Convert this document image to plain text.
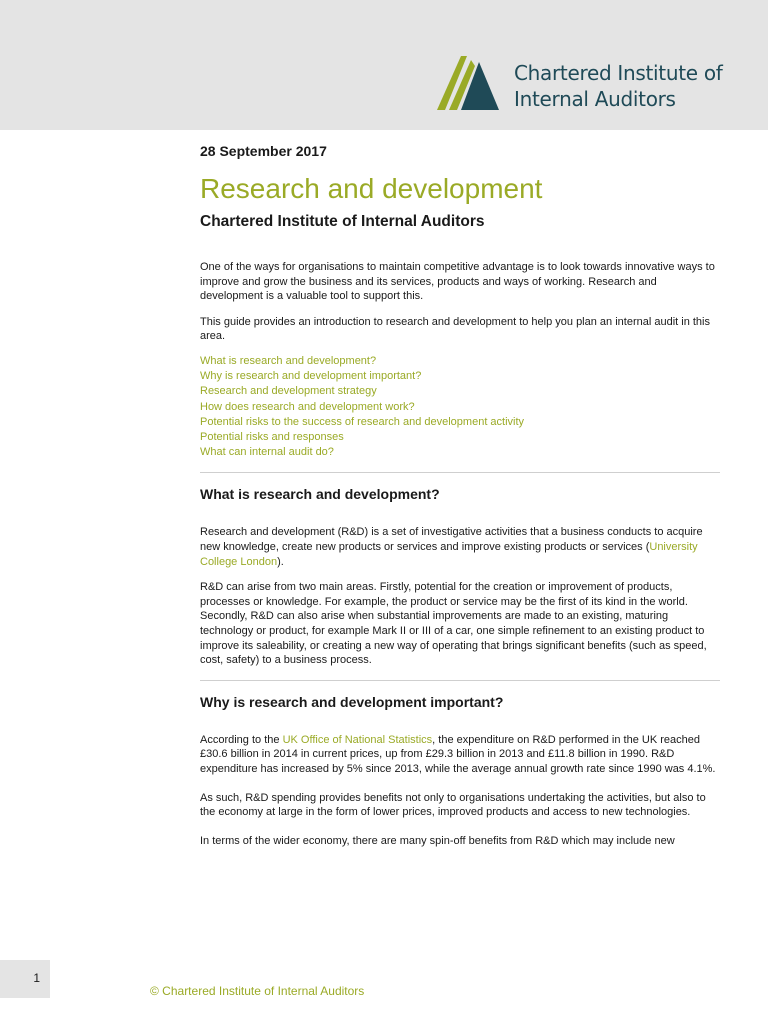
Chartered Institute of
Internal Auditors
28 September 2017
Research and development
Chartered Institute of Internal Auditors

One of the ways for organisations to maintain competitive advantage is to look towards innovative ways to improve and grow the business and its services, products and ways of working. Research and development is a valuable tool to support this.

This guide provides an introduction to research and development to help you plan an internal audit in this area.

What is research and development?
Why is research and development important?
Research and development strategy
How does research and development work?
Potential risks to the success of research and development activity
Potential risks and responses
What can internal audit do?
What is research and development?

Research and development (R&D) is a set of investigative activities that a business conducts to acquire new knowledge, create new products or services and improve existing products or services (University College London).

R&D can arise from two main areas. Firstly, potential for the creation or improvement of products, processes or knowledge. For example, the product or service may be the first of its kind in the world. Secondly, R&D can also arise when substantial improvements are made to an existing, maturing technology or product, for example Mark II or III of a car, one simple refinement to an existing product to improve its saleability, or creating a new way of operating that brings significant benefits (such as speed, cost, safety) to a business process.

Why is research and development important?

According to the UK Office of National Statistics, the expenditure on R&D performed in the UK reached £30.6 billion in 2014 in current prices, up from £29.3 billion in 2013 and £11.8 billion in 1990. R&D expenditure has increased by 5% since 2013, while the average annual growth rate since 1990 was 4.1%.

As such, R&D spending provides benefits not only to organisations undertaking the activities, but also to the economy at large in the form of lower prices, improved products and access to new technologies.

In terms of the wider economy, there are many spin-off benefits from R&D which may include new

1
© Chartered Institute of Internal Auditors
